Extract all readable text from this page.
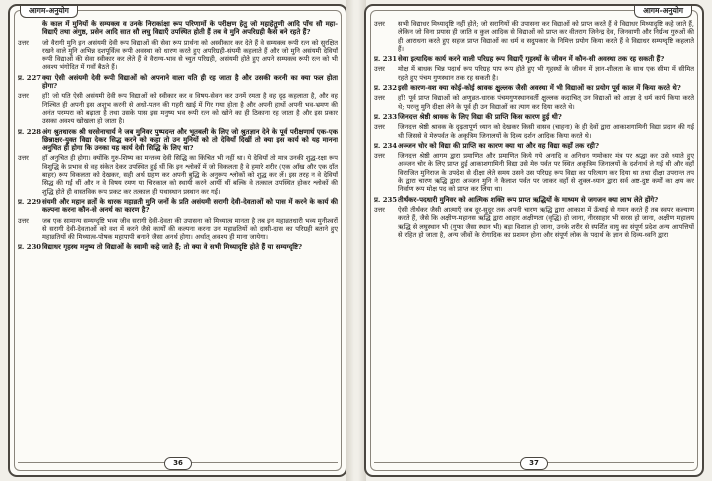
आगम-अनुयोग
के काल में मुनियों के सम्यक्त्व व उनके निराकांक्षा रूप परिणामों के परीक्षण हेतु जो महाहेतुणी आदि पाँच सौ महा-विद्याएँ तथा अंगुष्ठ, प्रसेन आदि सात सौ लघु विद्याएँ उपस्थित होती हैं तब वे मुनि अपरिग्रही कैसे बने रहते हैं?
उत्तर	जो वैरागी मुनि इन असंयमी देवी रूप विद्याओं की सेवा रूप प्रार्थना को अस्वीकार कर देते हैं वे सम्यक्त्व रूपी रत्न को सुरक्षित रखने वाले मुनि अभिन्न दशपूर्वित्व रूपी अवस्था को धारण करते हुए अपरिग्रही-संयमी कहलाते हैं और जो मुनि असंयमी देवियाँ रूपी विद्याओं की सेवा स्वीकार कर लेते हैं वे वैराग्य-भाव से च्युत परिग्रही, असंयमी होते हुए अपने सम्यक्त्व रूपी रत्न को भी अवश्य भंगोदित में गवाँ बैठते हैं।
प्र. 227 क्या ऐसी असंयमी देवी रूपी विद्याओं को अपनाने वाला यति ही रह जाता है और उसकी करनी का क्या फल होता होगा?
उत्तर	हाँ! जो यति ऐसी असंयमी देवी रूप विद्याओं को स्वीकार कर व विषय-सेवन कर उनमें रमता है वह दृढ़ कहलाता है, और वह निश्चित ही अपनी इस अशुभ करनी से अधो-पतन की गहरी खाई में गिर गया होता है और अपनी हाथों अपनी भव-भ्रमण की अनंत परम्परा को बढ़ाता है तथा उसके पास इस मनुष्य भव रूपी रत्न को खोने का ही ठिकाना रह जाता है और इस प्रकार उसका अवश्य खोखला हो जाता है।
प्र. 228 अंग श्रुतधारक श्री धरसेनाचार्य ने जब मुनिवर पुष्पदन्त और भूतबली के लिए जो श्रुतज्ञान देने के पूर्व परीक्षणार्थ एक-एक छिन्नाक्षर-युक्त विद्या देकर सिद्ध करने को कहा तो उन मुनियों को तो देवियाँ दिखीं तो क्या इस कार्य को यह मानना अनुचित ही होगा कि उनका यह कार्य देवी सिद्धि के लिए था?
उत्तर	हाँ अनुचित ही होगा। क्योंकि गुरु-शिष्य का मन्तव्य देवी सिद्धि का किंचित भी नहीं था। ये देवियाँ तो मात्र उनकी शुद्ध-रक्षा रूप विशुद्धि के प्रभाव से वह संकेत देकर उपस्थित हुई थीं कि इन श्लोकों में जो विकलता है वे हमारे शरीर (एक आँख और एक दाँत बाहर) रूप विकलता को देखकर, सही अर्थ ग्रहण कर अपनी बुद्धि के अनुरूप श्लोकों को शुद्ध कर लें। इस तरह न वे देवियाँ सिद्ध की गईं थीं और न वे विषय रमण या चिरकाल को स्थायी करने आयीं थीं बल्कि वे तत्काल उपस्थित होकर श्लोकों की शुद्धि होते ही वास्तविक रूप प्रकट कर तत्काल ही यथास्थान प्रस्थान कर गईं।
प्र. 229 संयमी और महान व्रतों के धारक महाव्रती मुनि जनों के प्रति असंयमी सरागी देवी-देवताओं को पास में करने के कार्य की कल्पना करना कौन-से अनर्थ का कारण है?
उत्तर	जब एक सामान्य सम्यग्दृष्टि भव्य जीव सरागी देवी-देवता की उपासना को मिथ्यात्व मानता है तब इन महाव्रतधारी भव्य मुनीश्वरों से सरागी देवी-देवताओं को वश में करने जैसे कार्यों की कल्पना करना उन महाव्रतियों को दासी-दास का परिग्रही बताने हुए महाव्रतियों की मिथ्यात्व-पोषक महापापी बनाने जैसा अनर्थ होगा। अर्थात् अवश्य ही माना जायेगा।
प्र. 230 विद्याधर गृहस्थ मनुष्य तो विद्याओं के स्वामी कहे जाते हैं; तो क्या वे सभी मिथ्यादृष्टि होते हैं या सम्यग्दृष्टि?
36
आगम-अनुयोग
उत्तर	सभी विद्याधर मिथ्यादृष्टि नहीं होते; जो सरागियों की उपासना कर विद्याओं को प्राप्त करते हैं वे विद्याधर मिथ्यादृष्टि कहे जाते हैं, लेकिन जो विना प्रयास ही जाति व कुल आदिक से विद्याओं को प्राप्त कर वीतराग जिनेन्द्र देव, जिनवाणी और निर्ग्रन्थ गुरुओं की ही आराधना करते हुए सहज प्राप्त विद्याओं का धर्म व सदुपकार के निमित्त प्रयोग किया करते हैं वे विद्याधर सम्यग्दृष्टि कहलाते हैं।
प्र. 231 सेवा इत्यादिक कार्य करने वाली परिग्रह रूप विद्याएँ गृहस्थों के जीवन में कौन-सी अवस्था तक रह सकती हैं?
उत्तर	मोक्ष में बाधक भिन्न पदार्थ रूप परिग्रह पाप रूप होते हुए भी गृहस्थों के जीवन में ज्ञान-शीलता के साथ एक सीमा में सीमित रहते हुए पंचम गुणस्थान तक रह सकती है।
प्र. 232 इसी कारण-वश क्या कोई-कोई श्रावक क्षुल्लक जैसी अवस्था में भी विद्याओं का प्रयोग पूर्व काल में किया करते थे?
उत्तर	हाँ! पूर्व प्राप्त विद्याओं को अणुव्रत-धारक पंचमगुणस्थानवर्ती क्षुल्लक कदाचित् उन विद्याओं को आज्ञा दे धर्म कार्य किया करते थे; परन्तु मुनि दीक्षा लेने के पूर्व ही उन विद्याओं का त्याग कर दिया करते थे।
प्र. 233 जिनदत्त श्रेष्ठी श्रावक के लिए विद्या की प्राप्ति किस कारण हुई थी?
उत्तर	जिनदत्त श्रेष्ठी श्रावक के दृढ़तापूर्ण ध्यान को देखकर किसी वासव (चाहना) के ही देवों द्वारा आकाशगामिनी विद्या प्रदान की गई थी जिससे वे मेरुपर्वत के अकृत्रिम जिनालयों के दिव्य दर्शन आदिक किया करते थे।
प्र. 234 अञ्जन चोर को विद्या की प्राप्ति का कारण क्या था और वह विद्या कहाँ तक रही?
उत्तर	जिनदत्त श्रेष्ठी आगम द्वारा प्रमाणित और प्रमाणित किये गये अनादि व अनिधन णमोकार मंत्र पर श्रद्धा कर उसे ध्याते हुए अञ्जन चोर के लिए प्राप्त हुई आकाशगामिनी विद्या उसे मेरु पर्वत पर स्थित अकृत्रिम जिनालयों के दर्शनार्थ ले गई थी और वहाँ विराजित मुनिराज के उपदेश से दीक्षा लेते समय उसने उस परिग्रह रूप विद्या का परित्याग कर दिया था तथा दीक्षा उपरान्त तप के द्वारा चारण ऋद्धि द्वारा अञ्जन मुनि ने कैलाश पर्वत पर जाकर वहाँ से शुक्ल-ध्यान द्वारा सर्व अष्ट-दुष्ट कर्मों का क्षय कर निर्वाण रूप मोक्ष पद को प्राप्त कर लिया था।
प्र. 235 तीर्थंकर-पदधारी मुनिवर को आत्मिक शक्ति रूप प्राप्त ऋद्धियों के माध्यम से जगजन क्या लाभ लेते होंगे?
उत्तर	ऐसी तीर्थंकर जैसी आत्माएँ जब दूर-सुदूर तक अपनी चारण ऋद्धि द्वारा आकाश में ऊँचाई से गमन करते हैं तब स्वपर कल्याण करते हैं, जैसे कि अक्षीण-महानस ऋद्धि द्वारा आहार अक्षीणता (वृद्धि) हो जाना, नीरसाहार भी सरस हो जाना, अक्षीण महालय ऋद्धि से लघुस्थान भी (गुफा जैसा स्थान भी) बड़ा विशाल हो जाना, उनके शरीर से स्पर्शित वायु का संपूर्ण प्रदेश अन्य आपत्तियों से रहित हो जाता है, अन्य जीवों के रोगादिक का प्रशमन होना और संपूर्ण लोक के पदार्थ के ज्ञान से दिव्य-ध्वनि द्वारा
37
